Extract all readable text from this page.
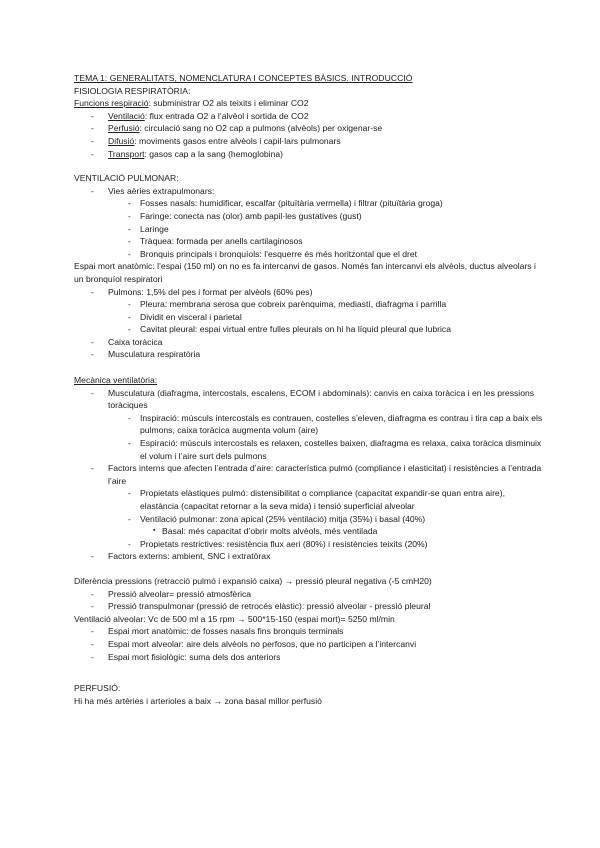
TEMA 1: GENERALITATS, NOMENCLATURA I CONCEPTES BÀSICS. INTRODUCCIÓ

FISIOLOGIA RESPIRATÒRIA:

Funcions respiració: subministrar O2 als teixits i eliminar CO2

- Ventilació: flux entrada O2 a l’alvèol i sortida de CO2
- Perfusió: circulació sang no O2 cap a pulmons (alvèols) per oxigenar-se
- Difusió: moviments gasos entre alvèols i capil·lars pulmonars
- Transport: gasos cap a la sang (hemoglobina)

VENTILACIÓ PULMONAR:

- Vies aèries extrapulmonars:
- Fosses nasals: humidificar, escalfar (pituïtària vermella) i filtrar (pituïtària groga)
- Faringe: conecta nas (olor) amb papil·les gustatives (gust)
- Laringe
- Tràquea: formada per anells cartilaginosos
- Bronquis principals i bronquíols: l’esquerre és més horitzontal que el dret

Espai mort anatòmic: l’espai (150 ml) on no es fa intercanvi de gasos. Només fan intercanvi els alvèols, ductus alveolars i un bronquíol respiratori

- Pulmons: 1,5% del pes i format per alvèols (60% pes)
- Pleura: membrana serosa que cobreix parènquima, mediastí, diafragma i parrilla
- Dividit en visceral i parietal
- Cavitat pleural: espai virtual entre fulles pleurals on hi ha líquid pleural que lubrica
- Caixa toràcica
- Musculatura respiratòria

Mecànica ventilatòria:

- Musculatura (diafragma, intercostals, escalens, ECOM i abdominals): canvis en caixa toràcica i en les pressions toràciques
- Inspiració: músculs intercostals es contrauen, costelles s’eleven, diafragma es contrau i tira cap a baix els pulmons, caixa toràcica augmenta volum (aire)
- Espiració: músculs intercostals es relaxen, costelles baixen, diafragma es relaxa, caixa toràcica disminuix el volum i l’aire surt dels pulmons
- Factors interns que afecten l’entrada d’aire: característica pulmó (compliance i elasticitat) i resistències a l’entrada l’aire
- Propietats elàstiques pulmó: distensibilitat o compliance (capacitat expandir-se quan entra aire), elastància (capacitat retornar a la seva mida) i tensió superficial alveolar
- Ventilació pulmonar: zona apical (25% ventilació) mitja (35%) i basal (40%)
▪ Basal: més capacitat d’obrir molts alvèols, més ventilada
- Propietats restrictives: resistència flux aeri (80%) i resistències teixits (20%)
- Factors externs: ambient, SNC i extratòrax

Diferència pressions (retracció pulmó i expansió caixa) → pressió pleural negativa (-5 cmH20)

- Pressió alveolar= pressió atmosfèrica
- Pressió transpulmonar (pressió de retrocés elàstic): pressió alveolar - pressió pleural

Ventilació alveolar: Vc de 500 ml a 15 rpm → 500*15-150 (espai mort)= 5250 ml/min

- Espai mort anatòmic: de fosses nasals fins bronquis terminals
- Espai mort alveolar: aire dels alvèols no perfosos, que no participen a l’intercanvi
- Espai mort fisiològic: suma dels dos anteriors

PERFUSIÓ:

Hi ha més artèries i arterioles a baix → zona basal millor perfusió
